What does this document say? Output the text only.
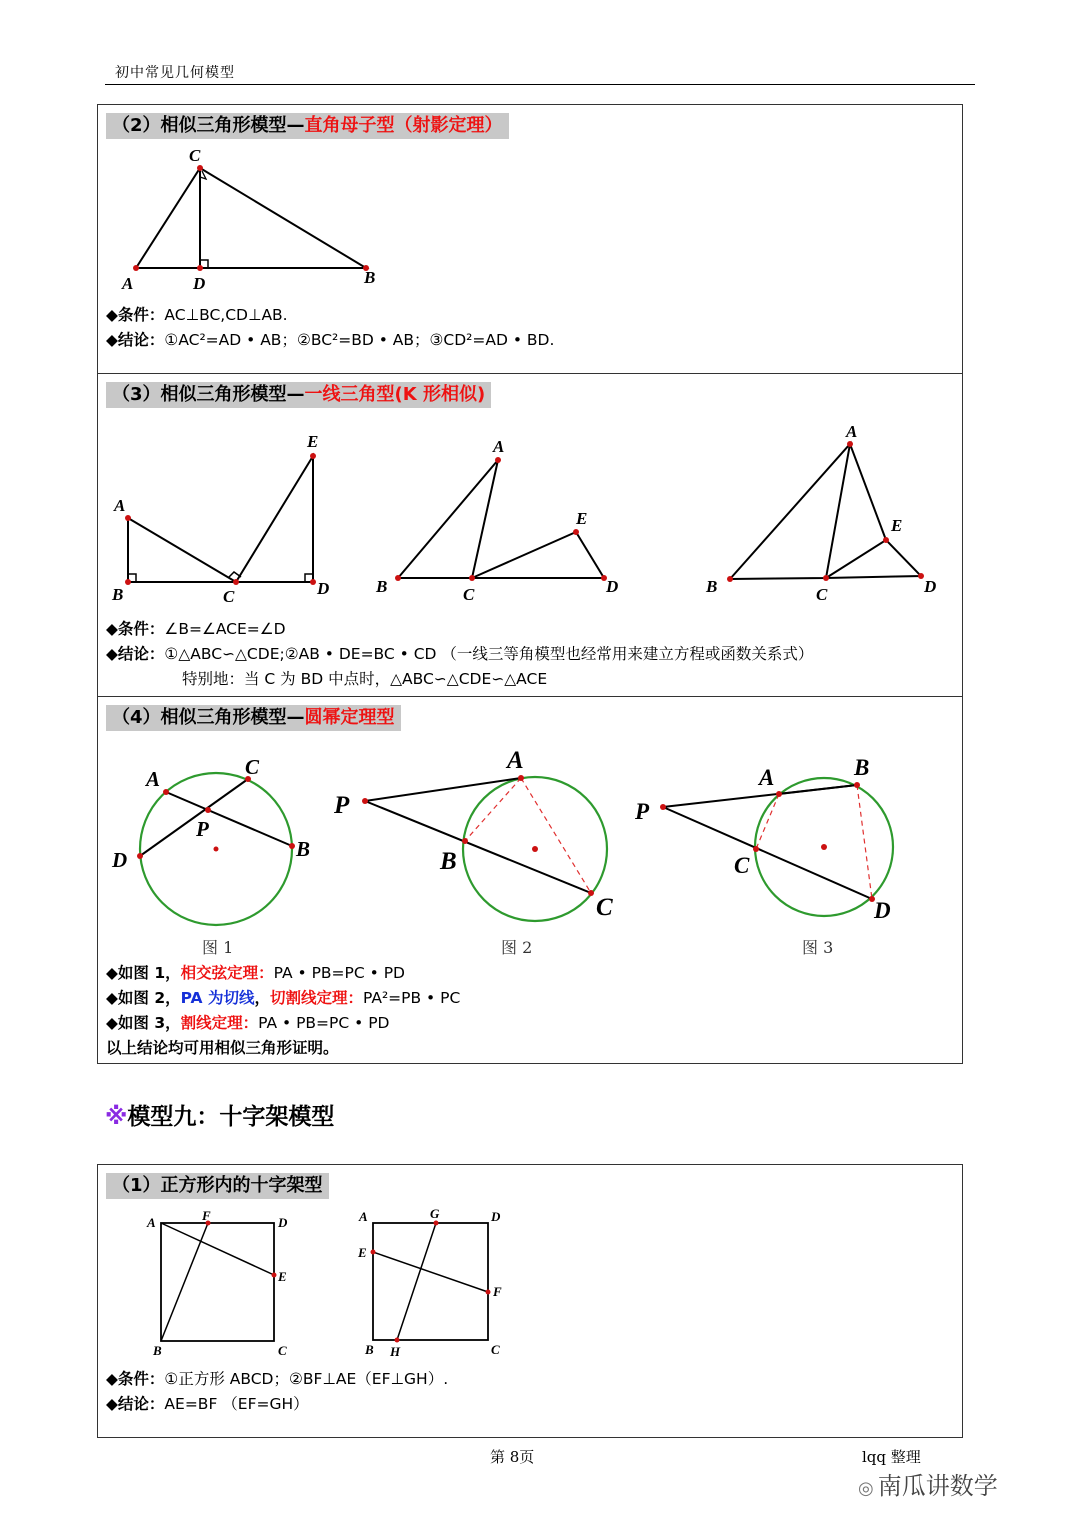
初中常见几何模型
（2）相似三角形模型—直角母子型（射影定理）
C
A	D	B
◆条件：AC⊥BC,CD⊥AB.
◆结论：①AC²=AD • AB；②BC²=BD • AB；③CD²=AD • BD.
（3）相似三角形模型—一线三角型(K 形相似)
A
B	C	D
E	A
B	C	D
E
A
B	C	D
E
◆条件：∠B=∠ACE=∠D
◆结论：①△ABC∽△CDE;②AB • DE=BC • CD （一线三等角模型也经常用来建立方程或函数关系式）
特别地：当 C 为 BD 中点时，△ABC∽△CDE∽△ACE
（4）相似三角形模型—圆幂定理型
A	C
P
B
D
P
A
B
C
P
A	B
C
D
图 1	图 2	图 3
◆如图 1，相交弦定理：PA • PB=PC • PD
◆如图 2，PA 为切线，切割线定理：PA²=PB • PC
◆如图 3，割线定理：PA • PB=PC • PD
以上结论均可用相似三角形证明。
※模型九：十字架模型
（1）正方形内的十字架型
A	F	D
E
B	C
A	G	D
E
F
B H	C
◆条件：①正方形 ABCD；②BF⊥AE（EF⊥GH）.
◆结论：AE=BF （EF=GH）
第 8页	lqq 整理
◎ 南瓜讲数学
